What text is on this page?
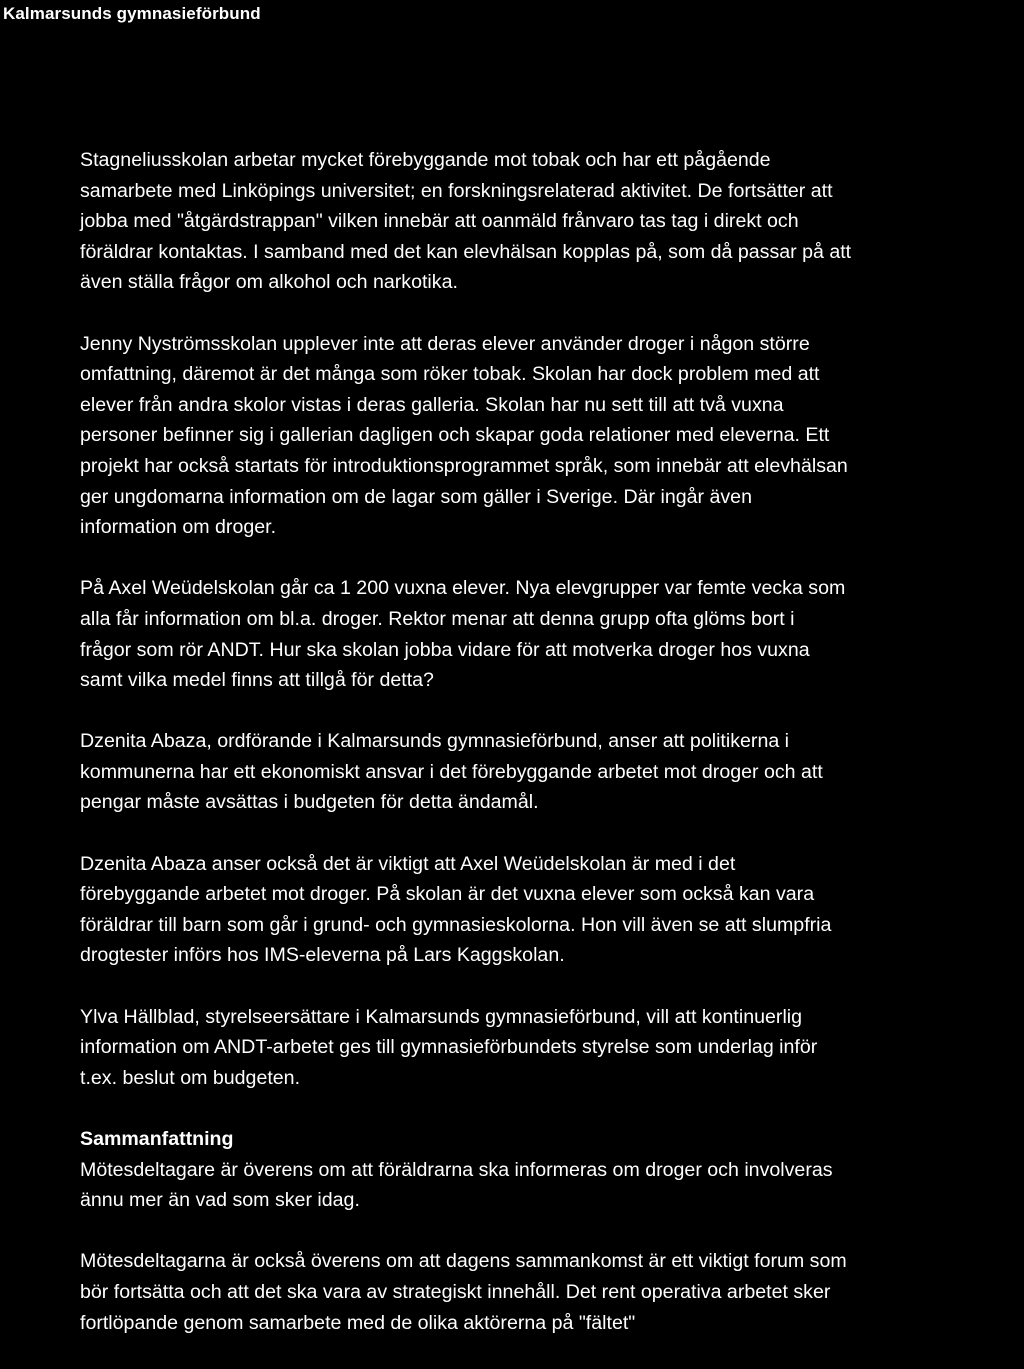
Kalmarsunds gymnasieförbund
Stagneliusskolan arbetar mycket förebyggande mot tobak och har ett pågående
samarbete med Linköpings universitet; en forskningsrelaterad aktivitet. De fortsätter att
jobba med "åtgärdstrappan" vilken innebär att oanmäld frånvaro tas tag i direkt och
föräldrar kontaktas. I samband med det kan elevhälsan kopplas på, som då passar på att
även ställa frågor om alkohol och narkotika.
Jenny Nyströmsskolan upplever inte att deras elever använder droger i någon större
omfattning, däremot är det många som röker tobak. Skolan har dock problem med att
elever från andra skolor vistas i deras galleria. Skolan har nu sett till att två vuxna
personer befinner sig i gallerian dagligen och skapar goda relationer med eleverna. Ett
projekt har också startats för introduktionsprogrammet språk, som innebär att elevhälsan
ger ungdomarna information om de lagar som gäller i Sverige. Där ingår även
information om droger.
På Axel Weüdelskolan går ca 1 200 vuxna elever. Nya elevgrupper var femte vecka som
alla får information om bl.a. droger. Rektor menar att denna grupp ofta glöms bort i
frågor som rör ANDT. Hur ska skolan jobba vidare för att motverka droger hos vuxna
samt vilka medel finns att tillgå för detta?
Dzenita Abaza, ordförande i Kalmarsunds gymnasieförbund, anser att politikerna i
kommunerna har ett ekonomiskt ansvar i det förebyggande arbetet mot droger och att
pengar måste avsättas i budgeten för detta ändamål.
Dzenita Abaza anser också det är viktigt att Axel Weüdelskolan är med i det
förebyggande arbetet mot droger. På skolan är det vuxna elever som också kan vara
föräldrar till barn som går i grund- och gymnasieskolorna. Hon vill även se att slumpfria
drogtester införs hos IMS-eleverna på Lars Kaggskolan.
Ylva Hällblad, styrelseersättare i Kalmarsunds gymnasieförbund, vill att kontinuerlig
information om ANDT-arbetet ges till gymnasieförbundets styrelse som underlag inför
t.ex. beslut om budgeten.
Sammanfattning
Mötesdeltagare är överens om att föräldrarna ska informeras om droger och involveras
ännu mer än vad som sker idag.
Mötesdeltagarna är också överens om att dagens sammankomst är ett viktigt forum som
bör fortsätta och att det ska vara av strategiskt innehåll. Det rent operativa arbetet sker
fortlöpande genom samarbete med de olika aktörerna på "fältet"
